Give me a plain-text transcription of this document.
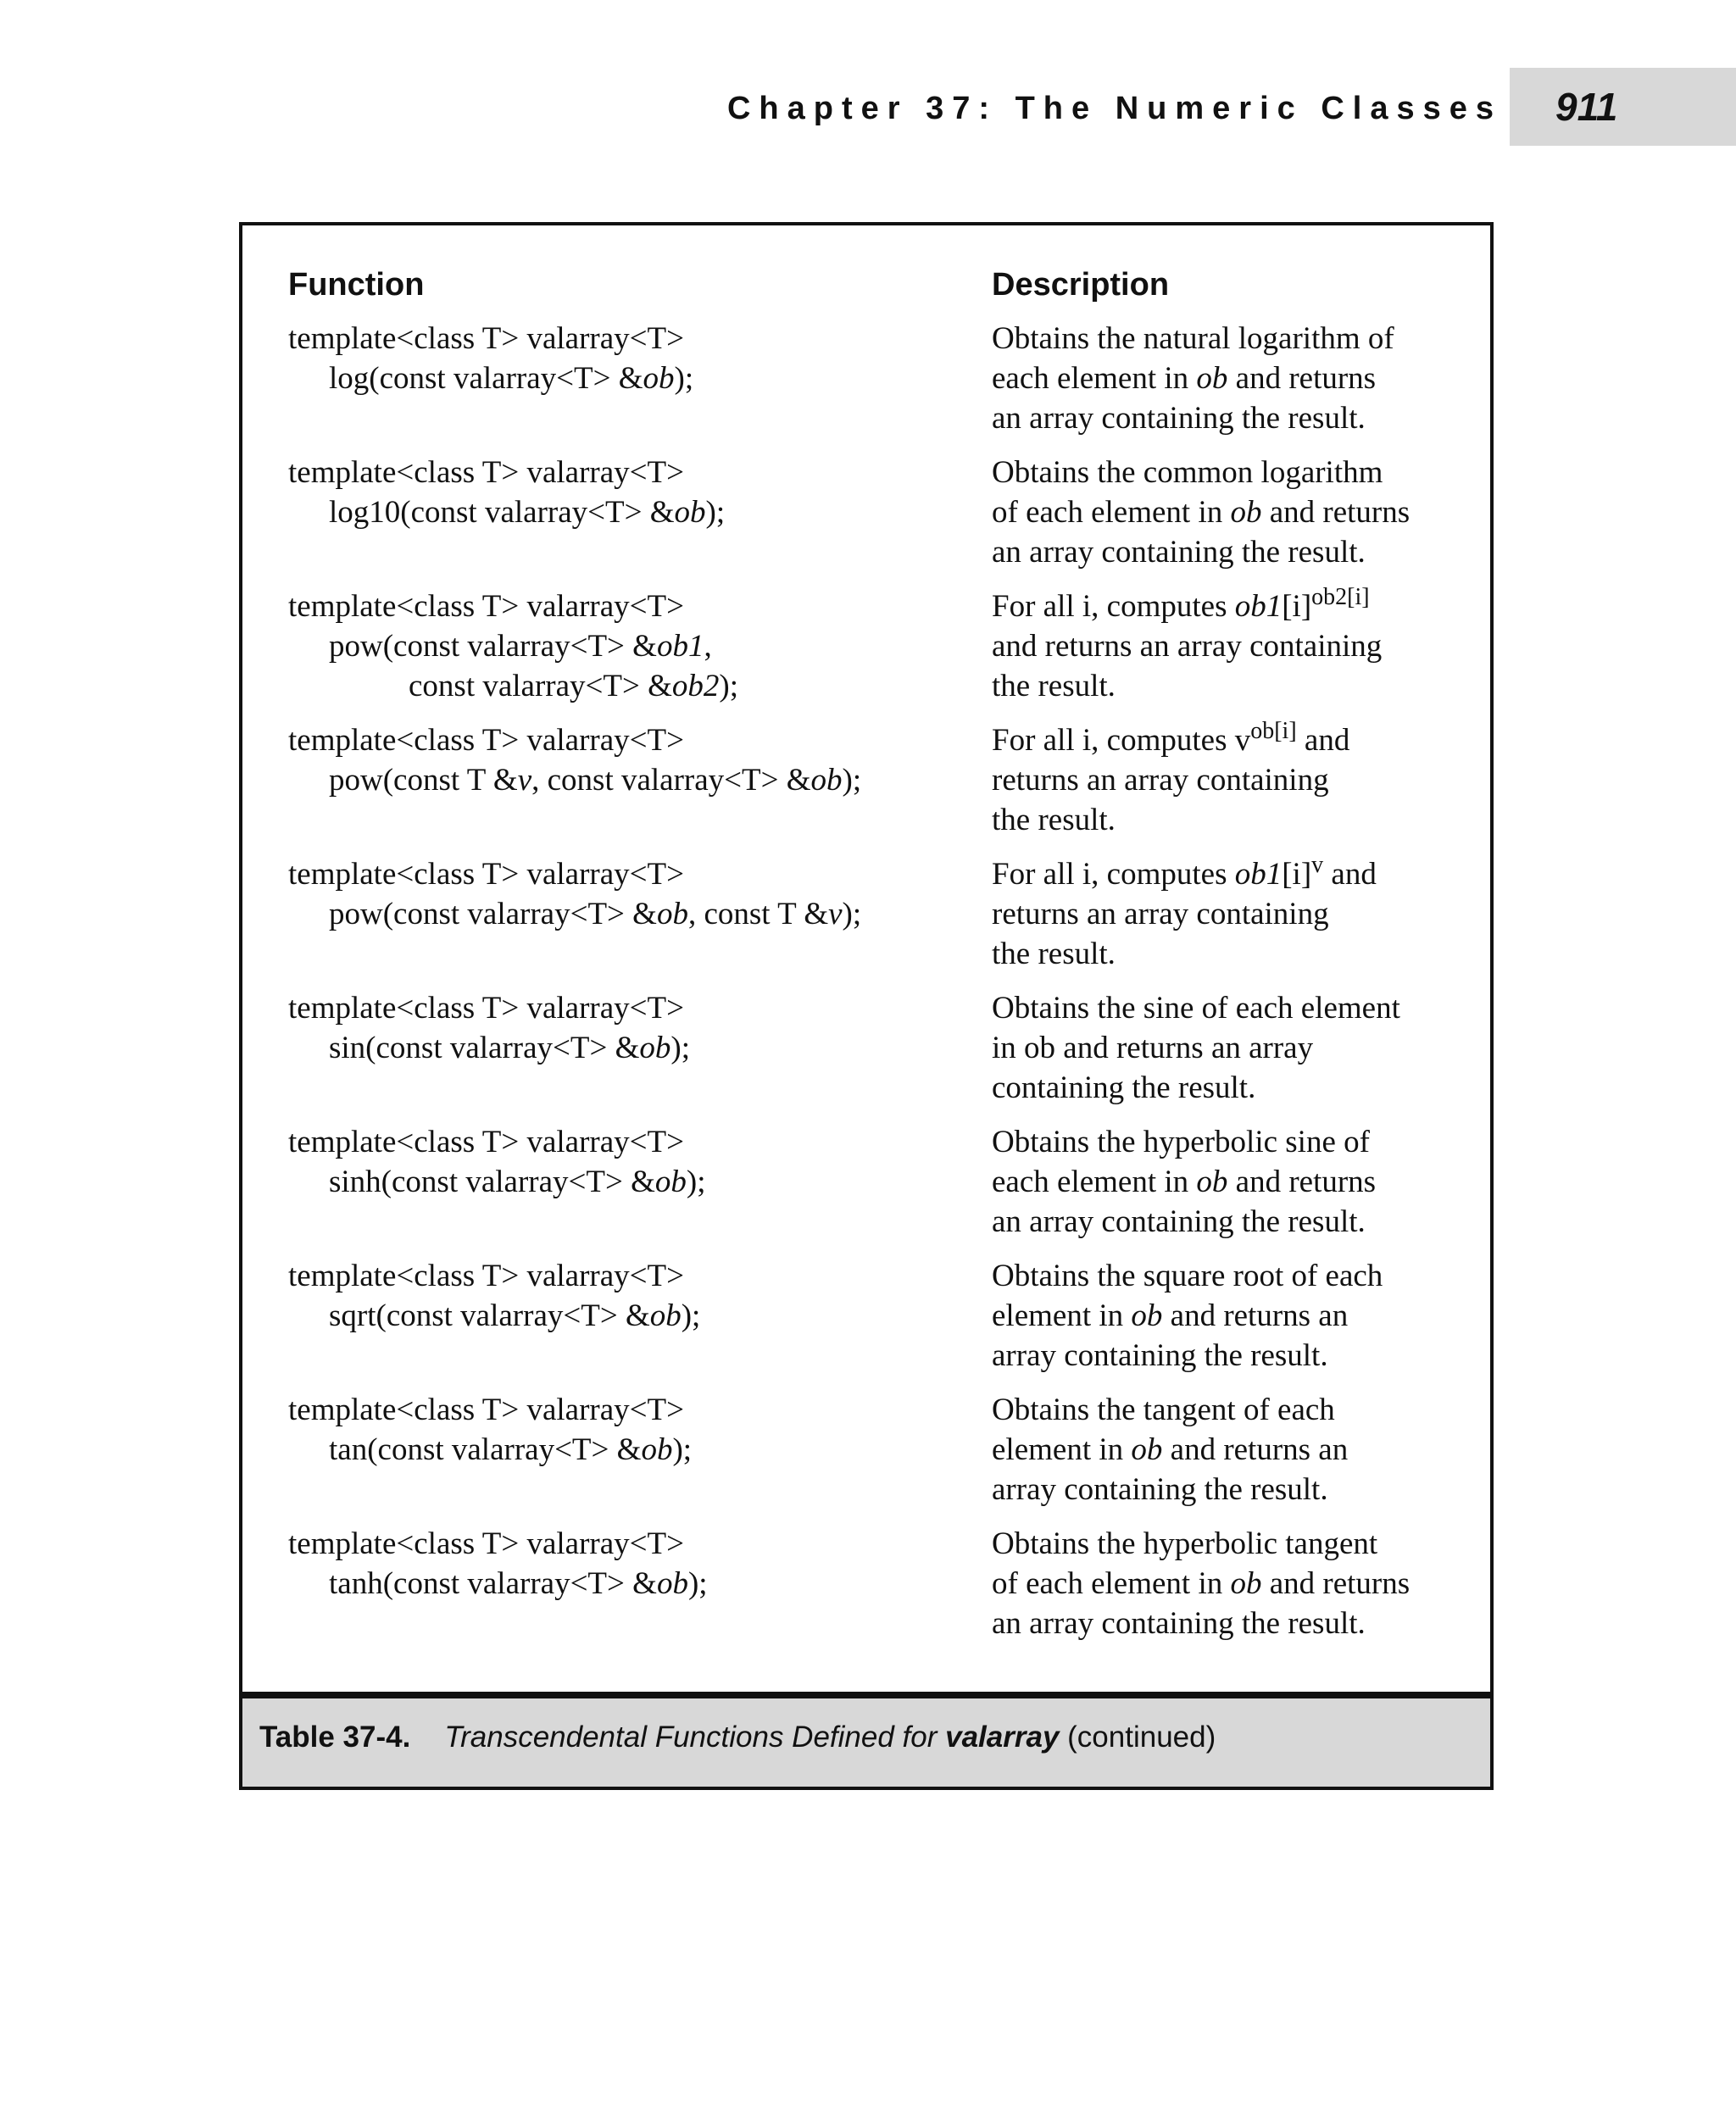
Chapter 37: The Numeric Classes 911
Function	Description
template<class T> valarray<T>
log(const valarray<T> &ob);
Obtains the natural logarithm of
each element in ob and returns
an array containing the result.
template<class T> valarray<T>
log10(const valarray<T> &ob);
Obtains the common logarithm
of each element in ob and returns
an array containing the result.
template<class T> valarray<T>
pow(const valarray<T> &ob1,
const valarray<T> &ob2);
For all i, computes $ob1[i]^{ob2[i]}$
and returns an array containing
the result.
template<class T> valarray<T>
pow(const T &v, const valarray<T> &ob);
For all i, computes $v^{ob[i]}$ and
returns an array containing
the result.
template<class T> valarray<T>
pow(const valarray<T> &ob, const T &v);
For all i, computes $ob1[i]^v$ and
returns an array containing
the result.
template<class T> valarray<T>
sin(const valarray<T> &ob);
Obtains the sine of each element
in ob and returns an array
containing the result.
template<class T> valarray<T>
sinh(const valarray<T> &ob);
Obtains the hyperbolic sine of
each element in ob and returns
an array containing the result.
template<class T> valarray<T>
sqrt(const valarray<T> &ob);
Obtains the square root of each
element in ob and returns an
array containing the result.
template<class T> valarray<T>
tan(const valarray<T> &ob);
Obtains the tangent of each
element in ob and returns an
array containing the result.
template<class T> valarray<T>
tanh(const valarray<T> &ob);
Obtains the hyperbolic tangent
of each element in ob and returns
an array containing the result.
Table 37-4. Transcendental Functions Defined for valarray (continued)
